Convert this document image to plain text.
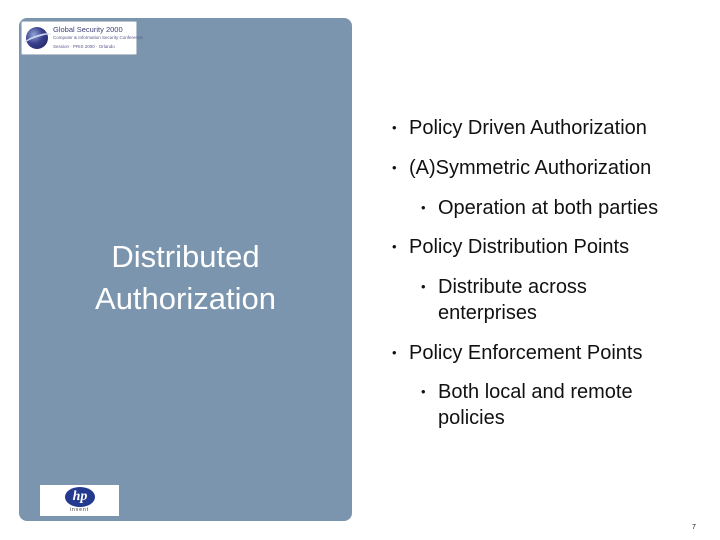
Global Security 2000
Computer & Information Security Conference
Session · PRIS 2000 · Orlando
Distributed Authorization
hp
invent
• Policy Driven Authorization
• (A)Symmetric Authorization
• Operation at both parties
• Policy Distribution Points
• Distribute across enterprises
• Policy Enforcement Points
• Both local and remote policies
7
